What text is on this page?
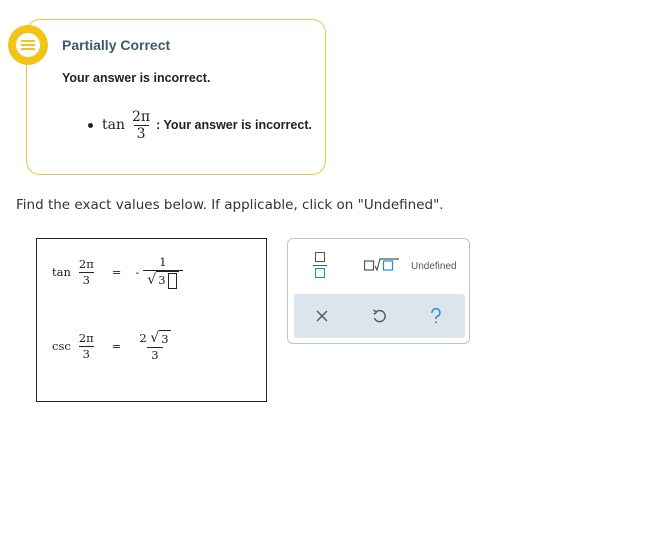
Partially Correct
Your answer is incorrect.
$\tan \frac{2\pi}{3}$ : Your answer is incorrect.
Find the exact values below. If applicable, click on "Undefined".
$\tan \frac{2\pi}{3}$ = - $\frac{1}{√ 3}$
$\csc \frac{2\pi}{3} = \frac{2 √ 3}{3}$
Undefined
